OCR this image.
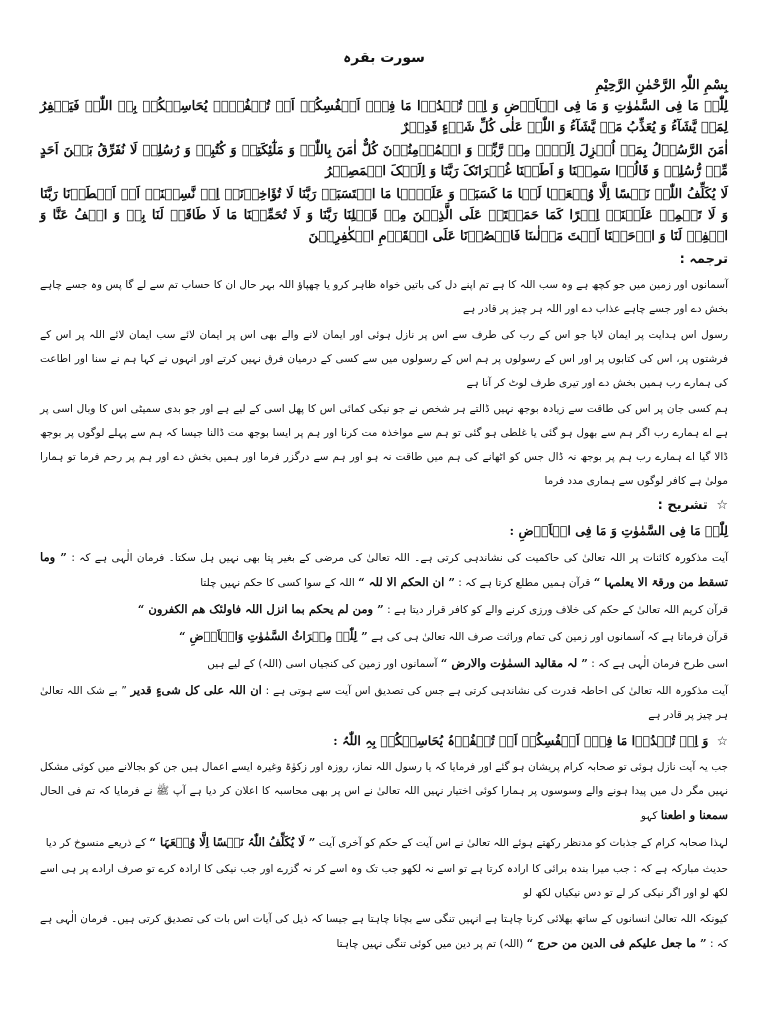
سورت بقرہ

بِسْمِ اللّٰہِ الرَّحْمٰنِ الرَّحِیْمِ

لِلّٰہِ مَا فِی السَّمٰوٰتِ وَ مَا فِی الۡاَرۡضِ وَ اِنۡ تُبۡدُوۡا مَا فِیۡۤ اَنۡفُسِکُمۡ اَوۡ تُخۡفُوۡہُ یُحَاسِبۡکُمۡ بِہِ اللّٰہُ فَیَغۡفِرُ لِمَنۡ یَّشَآءُ وَ یُعَذِّبُ مَنۡ یَّشَآءُ وَ اللّٰہُ عَلٰی کُلِّ شَیۡءٍ قَدِیۡرٌ

اٰمَنَ الرَّسُوۡلُ بِمَاۤ اُنۡزِلَ اِلَیۡہِ مِنۡ رَّبِّہٖ وَ الۡمُؤۡمِنُوۡنَ کُلٌّ اٰمَنَ بِاللّٰہِ وَ مَلٰٓئِکَتِہٖ وَ کُتُبِہٖ وَ رُسُلِہٖ لَا نُفَرِّقُ بَیۡنَ اَحَدٍ مِّنۡ رُّسُلِہٖ وَ قَالُوۡا سَمِعۡنَا وَ اَطَعۡنَا غُفۡرَانَکَ رَبَّنَا وَ اِلَیۡکَ الۡمَصِیۡرُ

لَا یُکَلِّفُ اللّٰہُ نَفۡسًا اِلَّا وُسۡعَہَا لَہَا مَا کَسَبَتۡ وَ عَلَیۡہَا مَا اکۡتَسَبَتۡ رَبَّنَا لَا تُؤَاخِذۡنَاۤ اِنۡ نَّسِیۡنَاۤ اَوۡ اَخۡطَاۡنَا رَبَّنَا وَ لَا تَحۡمِلۡ عَلَیۡنَاۤ اِصۡرًا کَمَا حَمَلۡتَہٗ عَلَی الَّذِیۡنَ مِنۡ قَبۡلِنَا رَبَّنَا وَ لَا تُحَمِّلۡنَا مَا لَا طَاقَۃَ لَنَا بِہٖ وَ اعۡفُ عَنَّا وَ اغۡفِرۡ لَنَا وَ ارۡحَمۡنَا اَنۡتَ مَوۡلٰىنَا فَانۡصُرۡنَا عَلَی الۡقَوۡمِ الۡکٰفِرِیۡنَ

ترجمہ :

آسمانوں اور زمین میں جو کچھ ہے وہ سب اللہ کا ہے تم اپنے دل کی باتیں خواہ ظاہر کرو یا چھپاؤ اللہ بہر حال ان کا حساب تم سے لے گا پس وہ جسے چاہے بخش دے اور جسے چاہے عذاب دے اور اللہ ہر چیز پر قادر ہے

رسول اس ہدایت پر ایمان لایا جو اس کے رب کی طرف سے اس پر نازل ہوئی اور ایمان لانے والے بھی اس پر ایمان لائے سب ایمان لائے اللہ پر اس کے فرشتوں پر، اس کی کتابوں پر اور اس کے رسولوں پر ہم اس کے رسولوں میں سے کسی کے درمیان فرق نہیں کرتے اور انہوں نے کہا ہم نے سنا اور اطاعت کی ہمارے رب ہمیں بخش دے اور تیری طرف لوٹ کر آنا ہے

ہم کسی جان پر اس کی طاقت سے زیادہ بوجھ نہیں ڈالتے ہر شخص نے جو نیکی کمائی اس کا پھل اسی کے لیے ہے اور جو بدی سمیٹی اس کا وبال اسی پر ہے اے ہمارے رب اگر ہم سے بھول ہو گئی یا غلطی ہو گئی تو ہم سے مواخذہ مت کرنا اور ہم پر ایسا بوجھ مت ڈالنا جیسا کہ ہم سے پہلے لوگوں پر بوجھ ڈالا گیا اے ہمارے رب ہم پر بوجھ نہ ڈال جس کو اٹھانے کی ہم میں طاقت نہ ہو اور ہم سے درگزر فرما اور ہمیں بخش دے اور ہم پر رحم فرما تو ہمارا مولیٰ ہے کافر لوگوں سے ہماری مدد فرما

☆ تشریح :
لِلّٰہِ مَا فِی السَّمٰوٰتِ وَ مَا فِی الۡاَرۡضِ :

آیت مذکورہ کائنات پر اللہ تعالیٰ کی حاکمیت کی نشاندہی کرتی ہے۔ اللہ تعالیٰ کی مرضی کے بغیر پتا بھی نہیں ہل سکتا۔ فرمان الٰہی ہے کہ : ” وما تسقط من ورقۃ الا یعلمہا “ قرآن ہمیں مطلع کرتا ہے کہ : ” ان الحکم الا للہ “ اللہ کے سوا کسی کا حکم نہیں چلتا

قرآن کریم اللہ تعالیٰ کے حکم کی خلاف ورزی کرنے والے کو کافر قرار دیتا ہے : ” ومن لم یحکم بما انزل اللہ فاولئک ھم الکفرون “

قرآن فرماتا ہے کہ آسمانوں اور زمین کی تمام وراثت صرف اللہ تعالیٰ ہی کی ہے ” لِلّٰہِ مِیۡرَاثُ السَّمٰوٰتِ وَالۡاَرۡضِ “

اسی طرح فرمان الٰہی ہے کہ : ” لہ مقالید السمٰوٰت والارض “ آسمانوں اور زمین کی کنجیاں اسی (اللہ) کے لیے ہیں

آیت مذکورہ اللہ تعالیٰ کی احاطہ قدرت کی نشاندہی کرتی ہے جس کی تصدیق اس آیت سے ہوتی ہے : ان اللہ علی کل شیءٍ قدیر ” بے شک اللہ تعالیٰ ہر چیز پر قادر ہے

☆ وَ اِنۡ تُبۡدُوۡا مَا فِیۡۤ اَنۡفُسِکُمۡ اَوۡ تُخۡفُوۡہُ یُحَاسِبۡکُمۡ بِہِ اللّٰہُ :

جب یہ آیت نازل ہوئی تو صحابہ کرام پریشان ہو گئے اور فرمایا کہ یا رسول اللہ نماز، روزہ اور زکوٰۃ وغیرہ ایسے اعمال ہیں جن کو بجالانے میں کوئی مشکل نہیں مگر دل میں پیدا ہونے والے وسوسوں پر ہمارا کوئی اختیار نہیں اللہ تعالیٰ نے اس پر بھی محاسبہ کا اعلان کر دیا ہے آپ ﷺ نے فرمایا کہ تم فی الحال سمعنا و اطعنا کہو

لہذا صحابہ کرام کے جذبات کو مدنظر رکھتے ہوئے اللہ تعالیٰ نے اس آیت کے حکم کو آخری آیت ” لَا یُکَلِّفُ اللّٰہُ نَفۡسًا اِلَّا وُسۡعَہَا “ کے ذریعے منسوخ کر دیا

حدیث مبارکہ ہے کہ : جب میرا بندہ برائی کا ارادہ کرتا ہے تو اسے نہ لکھو جب تک وہ اسے کر نہ گزرے اور جب نیکی کا ارادہ کرے تو صرف ارادے پر ہی اسے لکھ لو اور اگر نیکی کر لے تو دس نیکیاں لکھ لو

کیونکہ اللہ تعالیٰ انسانوں کے ساتھ بھلائی کرنا چاہتا ہے انہیں تنگی سے بچانا چاہتا ہے جیسا کہ ذیل کی آیات اس بات کی تصدیق کرتی ہیں۔ فرمان الٰہی ہے کہ : ” ما جعل علیکم فی الدین من حرج “ (اللہ) تم پر دین میں کوئی تنگی نہیں چاہتا
